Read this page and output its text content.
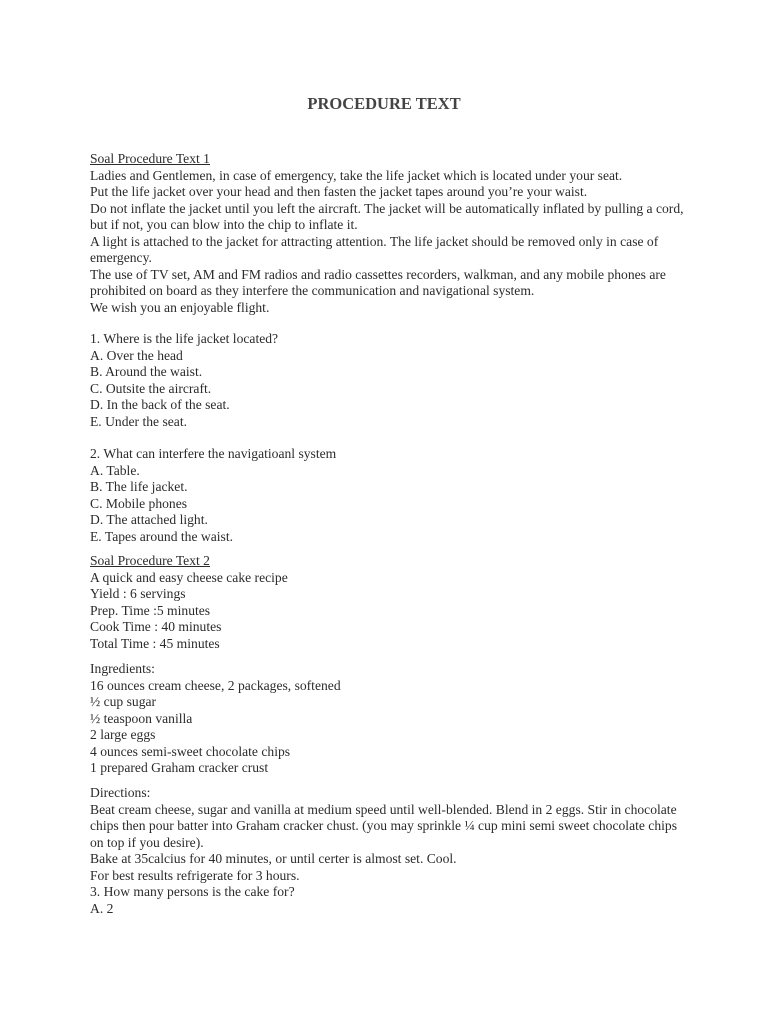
PROCEDURE TEXT
Soal Procedure Text 1
Ladies and Gentlemen, in case of emergency, take the life jacket which is located under your seat.
Put the life jacket over your head and then fasten the jacket tapes around you’re your waist.
Do not inflate the jacket until you left the aircraft. The jacket will be automatically inflated by pulling a cord, but if not, you can blow into the chip to inflate it.
A light is attached to the jacket for attracting attention. The life jacket should be removed only in case of emergency.
The use of TV set, AM and FM radios and radio cassettes recorders, walkman, and any mobile phones are prohibited on board as they interfere the communication and navigational system.
We wish you an enjoyable flight.
1. Where is the life jacket located?
A. Over the head
B. Around the waist.
C. Outsite the aircraft.
D. In the back of the seat.
E. Under the seat.
2. What can interfere the navigatioanl system
A. Table.
B. The life jacket.
C. Mobile phones
D. The attached light.
E. Tapes around the waist.
Soal Procedure Text 2
A quick and easy cheese cake recipe
Yield : 6 servings
Prep. Time :5 minutes
Cook Time : 40 minutes
Total Time : 45 minutes
Ingredients:
16 ounces cream cheese, 2 packages, softened
½ cup sugar
½ teaspoon vanilla
2 large eggs
4 ounces semi-sweet chocolate chips
1 prepared Graham cracker crust
Directions:
Beat cream cheese, sugar and vanilla at medium speed until well-blended. Blend in 2 eggs. Stir in chocolate chips then pour batter into Graham cracker chust. (you may sprinkle ¼ cup mini semi sweet chocolate chips on top if you desire).
Bake at 35calcius for 40 minutes, or until certer is almost set. Cool.
For best results refrigerate for 3 hours.
3. How many persons is the cake for?
A. 2
